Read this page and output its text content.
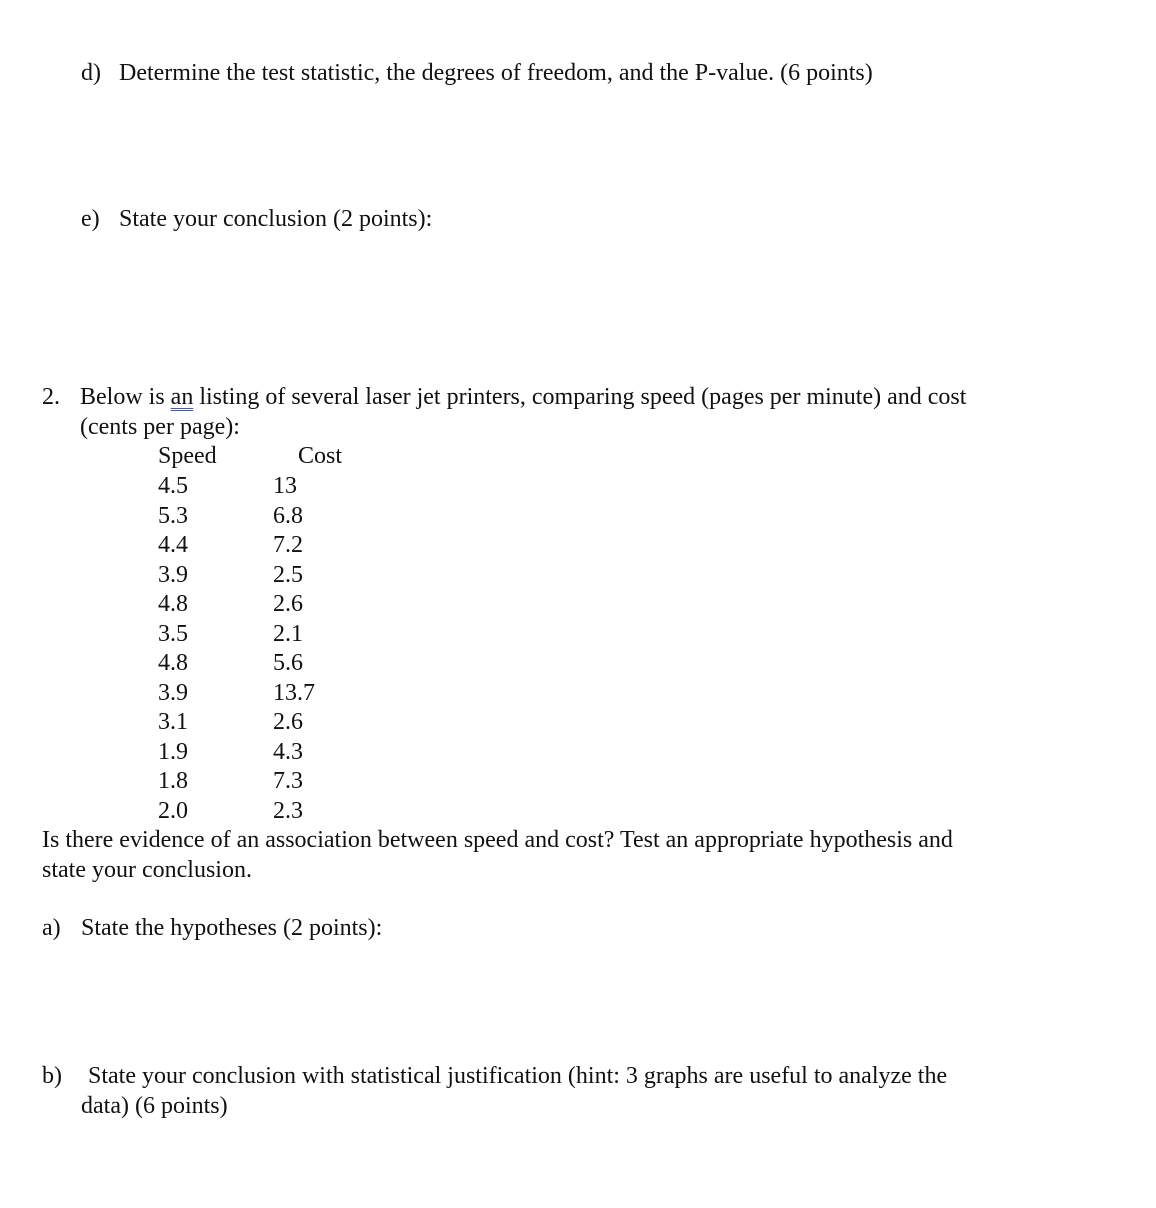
d) Determine the test statistic, the degrees of freedom, and the P-value. (6 points)
e) State your conclusion (2 points):
2. Below is an listing of several laser jet printers, comparing speed (pages per minute) and cost
(cents per page):
Speed	Cost
4.5	13
5.3	6.8
4.4	7.2
3.9	2.5
4.8	2.6
3.5	2.1
4.8	5.6
3.9	13.7
3.1	2.6
1.9	4.3
1.8	7.3
2.0	2.3
Is there evidence of an association between speed and cost? Test an appropriate hypothesis and
state your conclusion.
a) State the hypotheses (2 points):
b) State your conclusion with statistical justification (hint: 3 graphs are useful to analyze the
data) (6 points)
